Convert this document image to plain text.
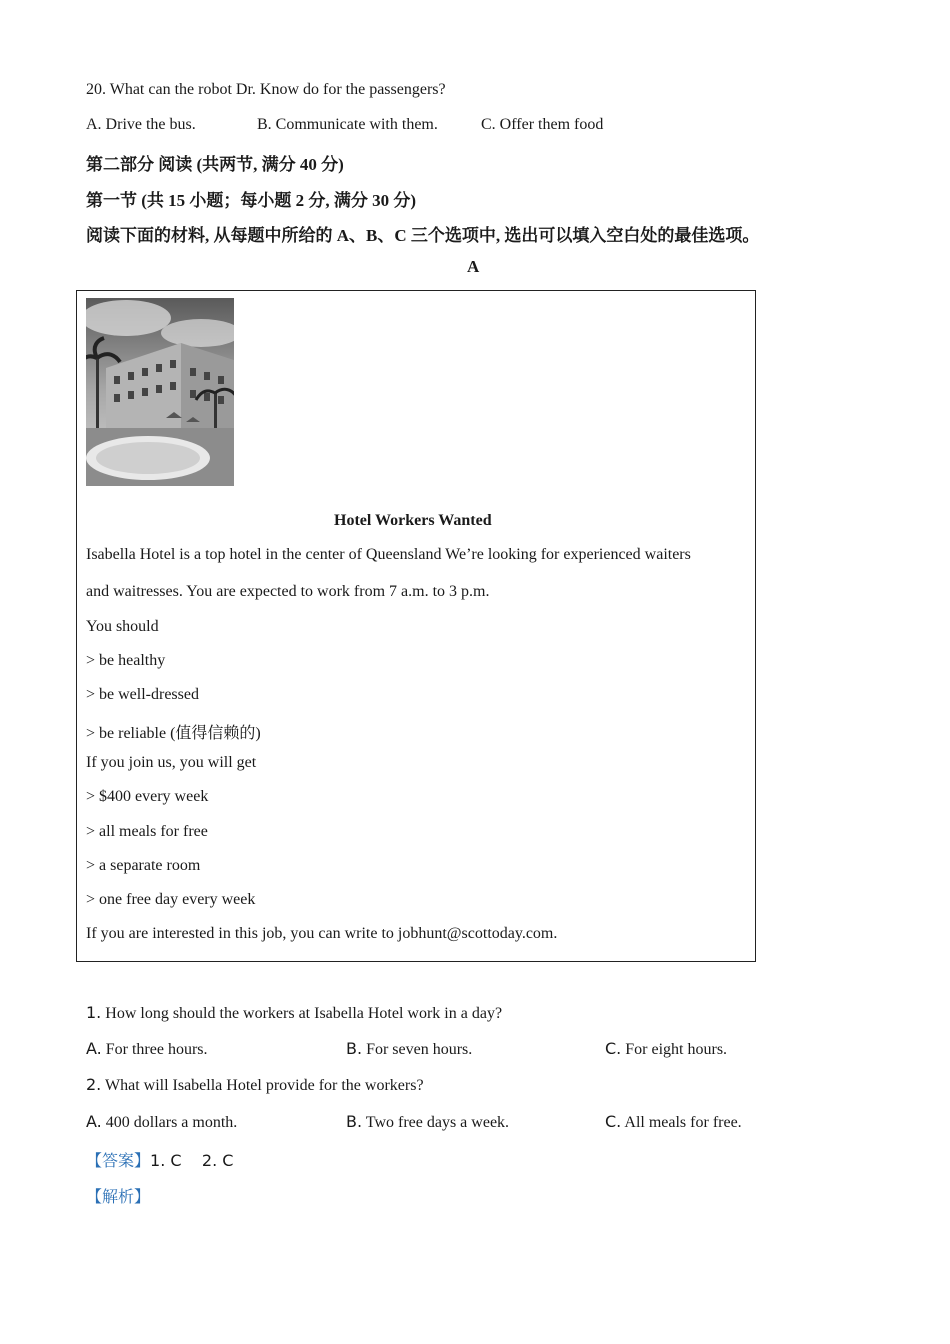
20. What can the robot Dr. Know do for the passengers?
A. Drive the bus.	B. Communicate with them.	C. Offer them food
第二部分 阅读 (共两节, 满分 40 分)
第一节 (共 15 小题；每小题 2 分, 满分 30 分)
阅读下面的材料, 从每题中所给的 A、B、C 三个选项中, 选出可以填入空白处的最佳选项。
A
Hotel Workers Wanted
Isabella Hotel is a top hotel in the center of Queensland We’re looking for experienced waiters
and waitresses. You are expected to work from 7 a.m. to 3 p.m.
You should
> be healthy
> be well-dressed
> be reliable (值得信赖的)
If you join us, you will get
> $400 every week
> all meals for free
> a separate room
> one free day every week
If you are interested in this job, you can write to jobhunt@scottoday.com.
1. How long should the workers at Isabella Hotel work in a day?
A. For three hours.	B. For seven hours.	C. For eight hours.
2. What will Isabella Hotel provide for the workers?
A. 400 dollars a month.	B. Two free days a week.	C. All meals for free.
【答案】1. C    2. C
【解析】
